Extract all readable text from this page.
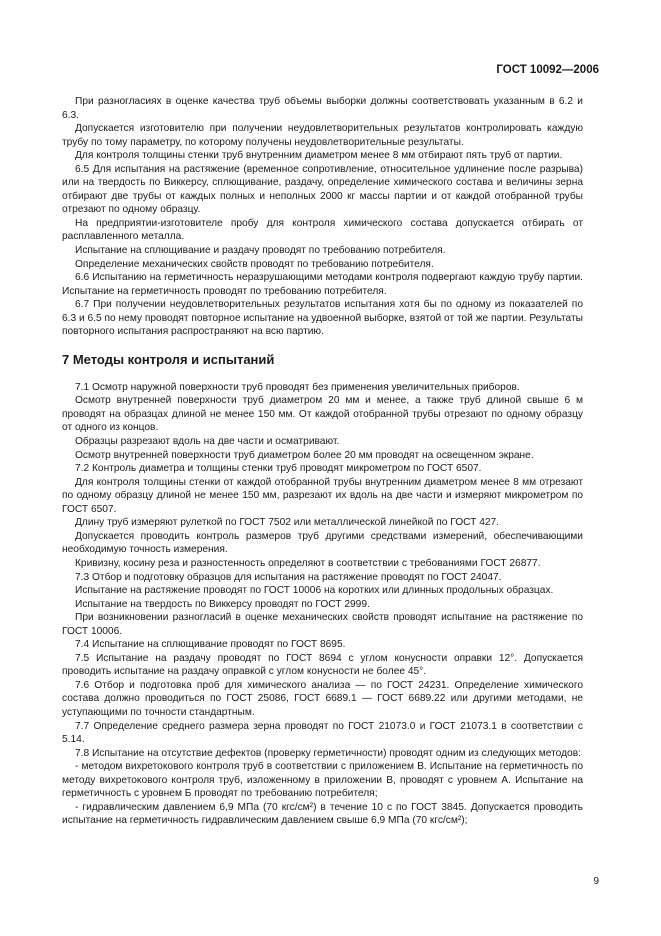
ГОСТ 10092—2006

При разногласиях в оценке качества труб объемы выборки должны соответствовать указанным в 6.2 и 6.3.

Допускается изготовителю при получении неудовлетворительных результатов контролировать каждую трубу по тому параметру, по которому получены неудовлетворительные результаты.

Для контроля толщины стенки труб внутренним диаметром менее 8 мм отбирают пять труб от партии.

6.5 Для испытания на растяжение (временное сопротивление, относительное удлинение после разрыва) или на твердость по Виккерсу, сплющивание, раздачу, определение химического состава и величины зерна отбирают две трубы от каждых полных и неполных 2000 кг массы партии и от каждой отобранной трубы отрезают по одному образцу.

На предприятии-изготовителе пробу для контроля химического состава допускается отбирать от расплавленного металла.

Испытание на сплющивание и раздачу проводят по требованию потребителя.

Определение механических свойств проводят по требованию потребителя.

6.6 Испытанию на герметичность неразрушающими методами контроля подвергают каждую трубу партии. Испытание на герметичность проводят по требованию потребителя.

6.7 При получении неудовлетворительных результатов испытания хотя бы по одному из показателей по 6.3 и 6.5 по нему проводят повторное испытание на удвоенной выборке, взятой от той же партии. Результаты повторного испытания распространяют на всю партию.

7 Методы контроля и испытаний

7.1 Осмотр наружной поверхности труб проводят без применения увеличительных приборов.

Осмотр внутренней поверхности труб диаметром 20 мм и менее, а также труб длиной свыше 6 м проводят на образцах длиной не менее 150 мм. От каждой отобранной трубы отрезают по одному образцу от одного из концов.

Образцы разрезают вдоль на две части и осматривают.

Осмотр внутренней поверхности труб диаметром более 20 мм проводят на освещенном экране.

7.2 Контроль диаметра и толщины стенки труб проводят микрометром по ГОСТ 6507.

Для контроля толщины стенки от каждой отобранной трубы внутренним диаметром менее 8 мм отрезают по одному образцу длиной не менее 150 мм, разрезают их вдоль на две части и измеряют микрометром по ГОСТ 6507.

Длину труб измеряют рулеткой по ГОСТ 7502 или металлической линейкой по ГОСТ 427.

Допускается проводить контроль размеров труб другими средствами измерений, обеспечивающими необходимую точность измерения.

Кривизну, косину реза и разностенность определяют в соответствии с требованиями ГОСТ 26877.

7.3 Отбор и подготовку образцов для испытания на растяжение проводят по ГОСТ 24047.

Испытание на растяжение проводят по ГОСТ 10006 на коротких или длинных продольных образцах.

Испытание на твердость по Виккерсу проводят по ГОСТ 2999.

При возникновении разногласий в оценке механических свойств проводят испытание на растяжение по ГОСТ 10006.

7.4 Испытание на сплющивание проводят по ГОСТ 8695.

7.5 Испытание на раздачу проводят по ГОСТ 8694 с углом конусности оправки 12°. Допускается проводить испытание на раздачу оправкой с углом конусности не более 45°.

7.6 Отбор и подготовка проб для химического анализа — по ГОСТ 24231. Определение химического состава должно проводиться по ГОСТ 25086, ГОСТ 6689.1 — ГОСТ 6689.22 или другими методами, не уступающими по точности стандартным.

7.7 Определение среднего размера зерна проводят по ГОСТ 21073.0 и ГОСТ 21073.1 в соответствии с 5.14.

7.8 Испытание на отсутствие дефектов (проверку герметичности) проводят одним из следующих методов:

- методом вихретокового контроля труб в соответствии с приложением В. Испытание на герметичность по методу вихретокового контроля труб, изложенному в приложении В, проводят с уровнем А. Испытание на герметичность с уровнем Б проводят по требованию потребителя;

- гидравлическим давлением 6,9 МПа (70 кгс/см²) в течение 10 с по ГОСТ 3845. Допускается проводить испытание на герметичность гидравлическим давлением свыше 6,9 МПа (70 кгс/см²);

9
